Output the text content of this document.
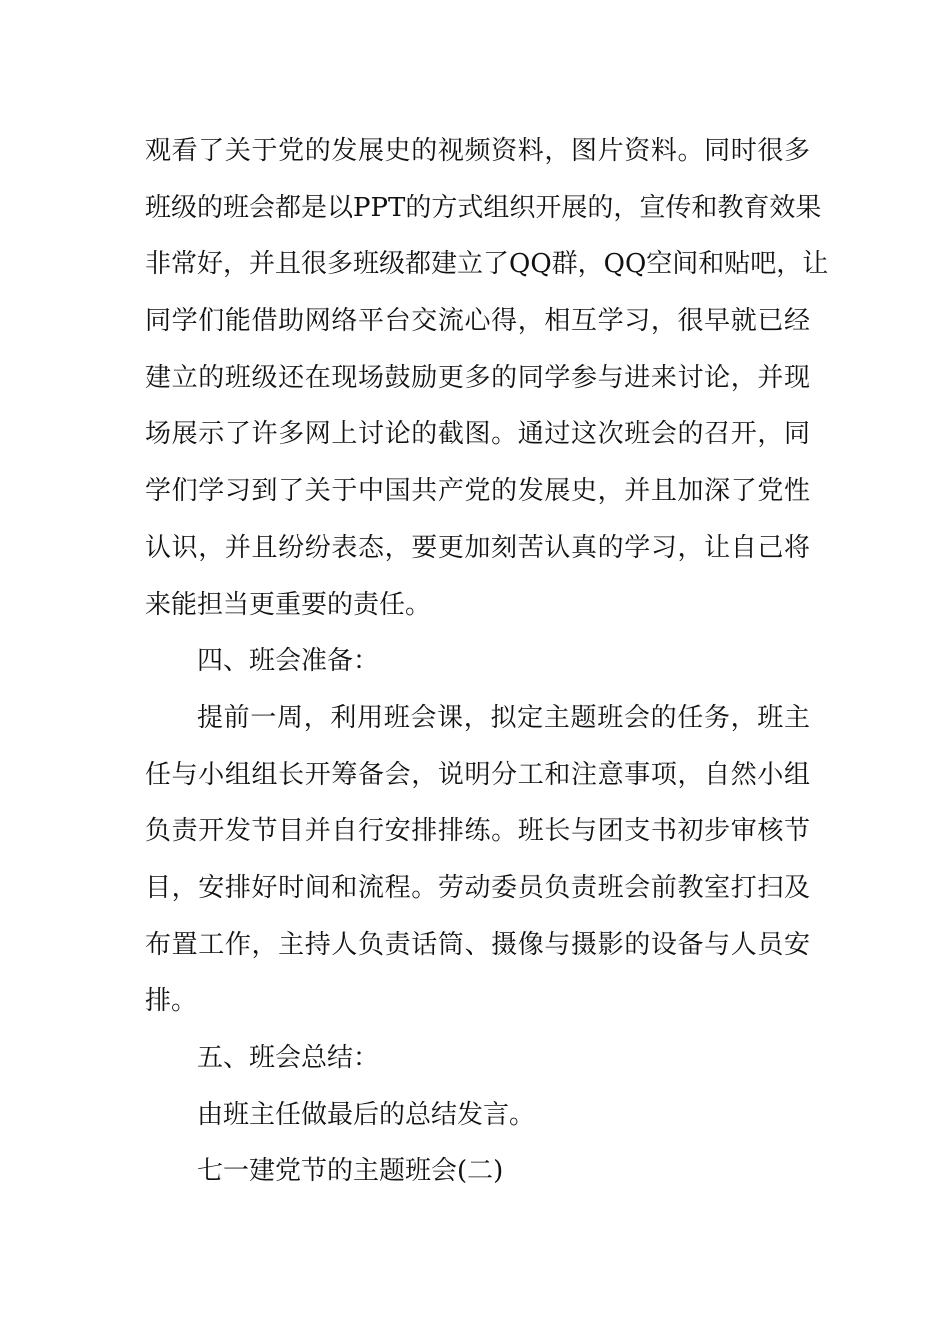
观看了关于党的发展史的视频资料，图片资料。同时很多
班级的班会都是以PPT的方式组织开展的，宣传和教育效果
非常好，并且很多班级都建立了QQ群，QQ空间和贴吧，让
同学们能借助网络平台交流心得，相互学习，很早就已经
建立的班级还在现场鼓励更多的同学参与进来讨论，并现
场展示了许多网上讨论的截图。通过这次班会的召开，同
学们学习到了关于中国共产党的发展史，并且加深了党性
认识，并且纷纷表态，要更加刻苦认真的学习，让自己将
来能担当更重要的责任。
四、班会准备：
提前一周，利用班会课，拟定主题班会的任务，班主
任与小组组长开筹备会，说明分工和注意事项，自然小组
负责开发节目并自行安排排练。班长与团支书初步审核节
目，安排好时间和流程。劳动委员负责班会前教室打扫及
布置工作，主持人负责话筒、摄像与摄影的设备与人员安
排。
五、班会总结：
由班主任做最后的总结发言。
七一建党节的主题班会(二)
